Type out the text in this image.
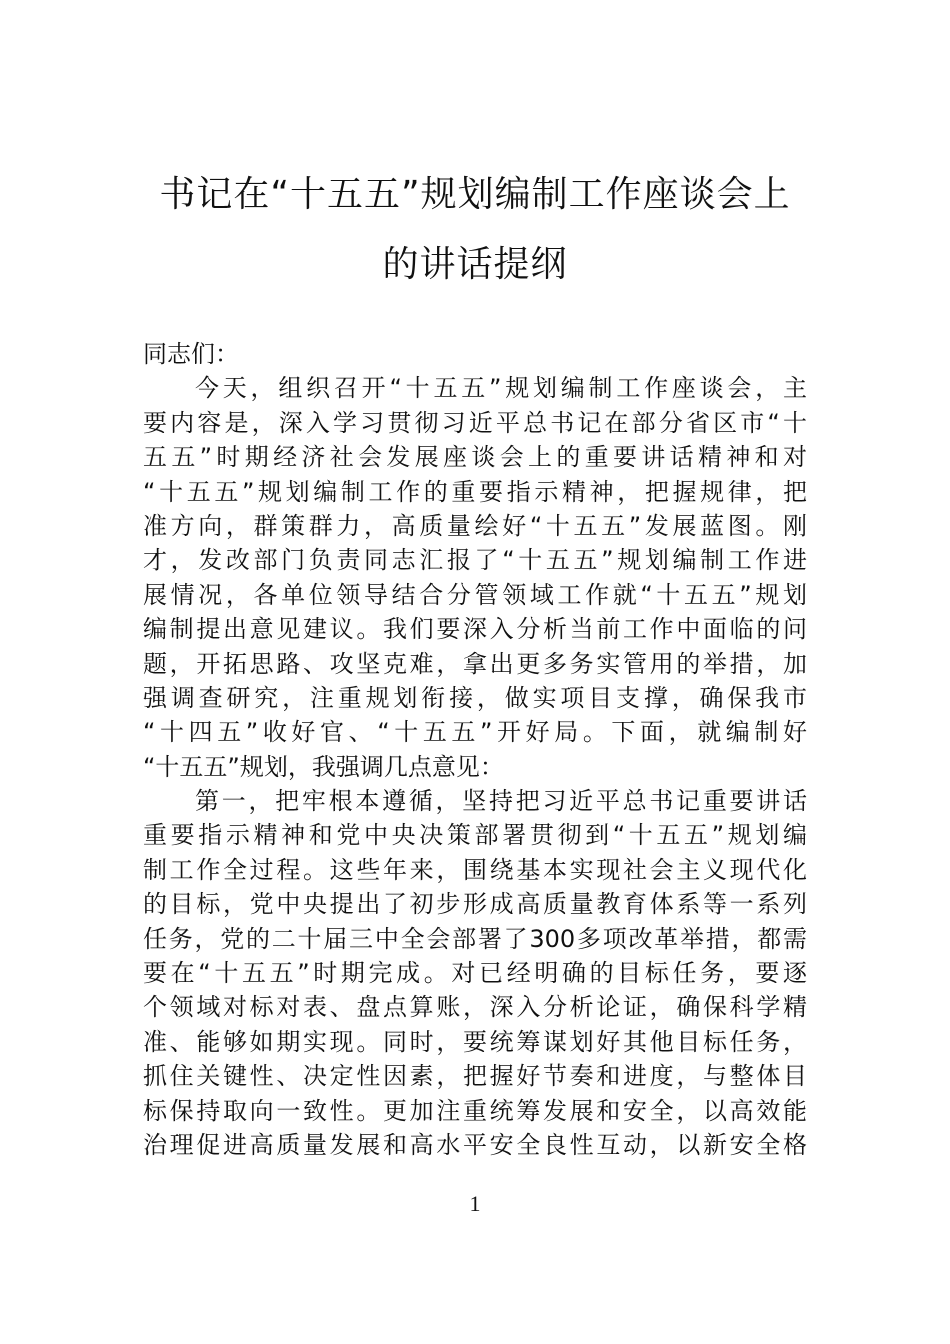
书记在“十五五”规划编制工作座谈会上
的讲话提纲
同志们：
今天，组织召开“十五五”规划编制工作座谈会，主
要内容是，深入学习贯彻习近平总书记在部分省区市“十
五五”时期经济社会发展座谈会上的重要讲话精神和对
“十五五”规划编制工作的重要指示精神，把握规律，把
准方向，群策群力，高质量绘好“十五五”发展蓝图。刚
才，发改部门负责同志汇报了“十五五”规划编制工作进
展情况，各单位领导结合分管领域工作就“十五五”规划
编制提出意见建议。我们要深入分析当前工作中面临的问
题，开拓思路、攻坚克难，拿出更多务实管用的举措，加
强调查研究，注重规划衔接，做实项目支撑，确保我市
“十四五”收好官、“十五五”开好局。下面，就编制好
“十五五”规划，我强调几点意见：
第一，把牢根本遵循，坚持把习近平总书记重要讲话
重要指示精神和党中央决策部署贯彻到“十五五”规划编
制工作全过程。这些年来，围绕基本实现社会主义现代化
的目标，党中央提出了初步形成高质量教育体系等一系列
任务，党的二十届三中全会部署了300多项改革举措，都需
要在“十五五”时期完成。对已经明确的目标任务，要逐
个领域对标对表、盘点算账，深入分析论证，确保科学精
准、能够如期实现。同时，要统筹谋划好其他目标任务，
抓住关键性、决定性因素，把握好节奏和进度，与整体目
标保持取向一致性。更加注重统筹发展和安全，以高效能
治理促进高质量发展和高水平安全良性互动，以新安全格
1
